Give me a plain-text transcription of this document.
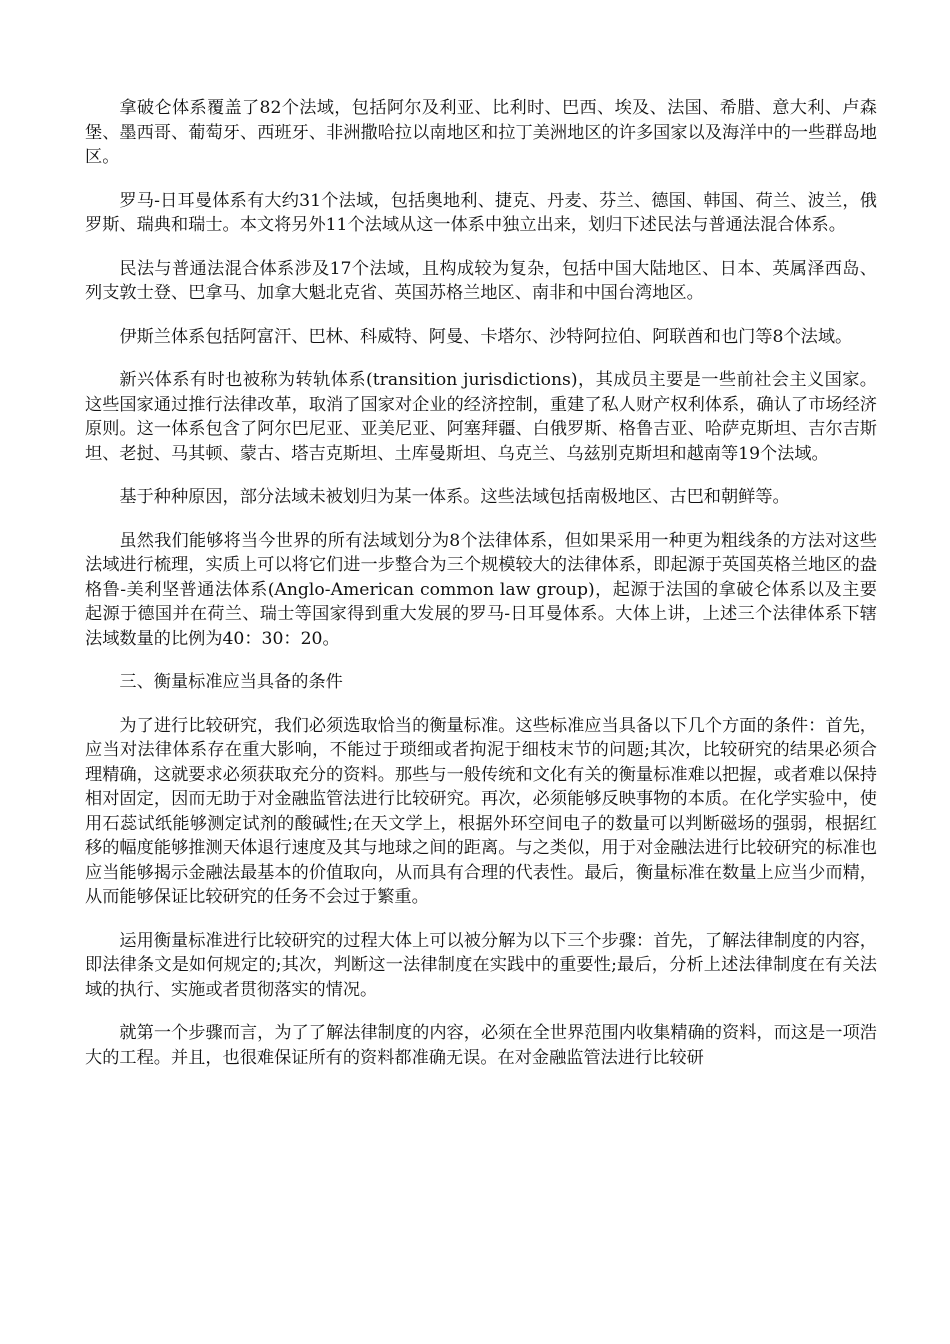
拿破仑体系覆盖了82个法域，包括阿尔及利亚、比利时、巴西、埃及、法国、希腊、意大利、卢森堡、墨西哥、葡萄牙、西班牙、非洲撒哈拉以南地区和拉丁美洲地区的许多国家以及海洋中的一些群岛地区。

罗马-日耳曼体系有大约31个法域，包括奥地利、捷克、丹麦、芬兰、德国、韩国、荷兰、波兰，俄罗斯、瑞典和瑞士。本文将另外11个法域从这一体系中独立出来，划归下述民法与普通法混合体系。

民法与普通法混合体系涉及17个法域，且构成较为复杂，包括中国大陆地区、日本、英属泽西岛、列支敦士登、巴拿马、加拿大魁北克省、英国苏格兰地区、南非和中国台湾地区。

伊斯兰体系包括阿富汗、巴林、科威特、阿曼、卡塔尔、沙特阿拉伯、阿联酋和也门等8个法域。

新兴体系有时也被称为转轨体系(transition jurisdictions)，其成员主要是一些前社会主义国家。这些国家通过推行法律改革，取消了国家对企业的经济控制，重建了私人财产权利体系，确认了市场经济原则。这一体系包含了阿尔巴尼亚、亚美尼亚、阿塞拜疆、白俄罗斯、格鲁吉亚、哈萨克斯坦、吉尔吉斯坦、老挝、马其顿、蒙古、塔吉克斯坦、土库曼斯坦、乌克兰、乌兹别克斯坦和越南等19个法域。

基于种种原因，部分法域未被划归为某一体系。这些法域包括南极地区、古巴和朝鲜等。

虽然我们能够将当今世界的所有法域划分为8个法律体系，但如果采用一种更为粗线条的方法对这些法域进行梳理，实质上可以将它们进一步整合为三个规模较大的法律体系，即起源于英国英格兰地区的盎格鲁-美利坚普通法体系(Anglo-American common law group)，起源于法国的拿破仑体系以及主要起源于德国并在荷兰、瑞士等国家得到重大发展的罗马-日耳曼体系。大体上讲，上述三个法律体系下辖法域数量的比例为40：30：20。

三、衡量标准应当具备的条件

为了进行比较研究，我们必须选取恰当的衡量标准。这些标准应当具备以下几个方面的条件：首先，应当对法律体系存在重大影响，不能过于琐细或者拘泥于细枝末节的问题;其次，比较研究的结果必须合理精确，这就要求必须获取充分的资料。那些与一般传统和文化有关的衡量标准难以把握，或者难以保持相对固定，因而无助于对金融监管法进行比较研究。再次，必须能够反映事物的本质。在化学实验中，使用石蕊试纸能够测定试剂的酸碱性;在天文学上，根据外环空间电子的数量可以判断磁场的强弱，根据红移的幅度能够推测天体退行速度及其与地球之间的距离。与之类似，用于对金融法进行比较研究的标准也应当能够揭示金融法最基本的价值取向，从而具有合理的代表性。最后，衡量标准在数量上应当少而精，从而能够保证比较研究的任务不会过于繁重。

运用衡量标准进行比较研究的过程大体上可以被分解为以下三个步骤：首先，了解法律制度的内容，即法律条文是如何规定的;其次，判断这一法律制度在实践中的重要性;最后，分析上述法律制度在有关法域的执行、实施或者贯彻落实的情况。

就第一个步骤而言，为了了解法律制度的内容，必须在全世界范围内收集精确的资料，而这是一项浩大的工程。并且，也很难保证所有的资料都准确无误。在对金融监管法进行比较研
